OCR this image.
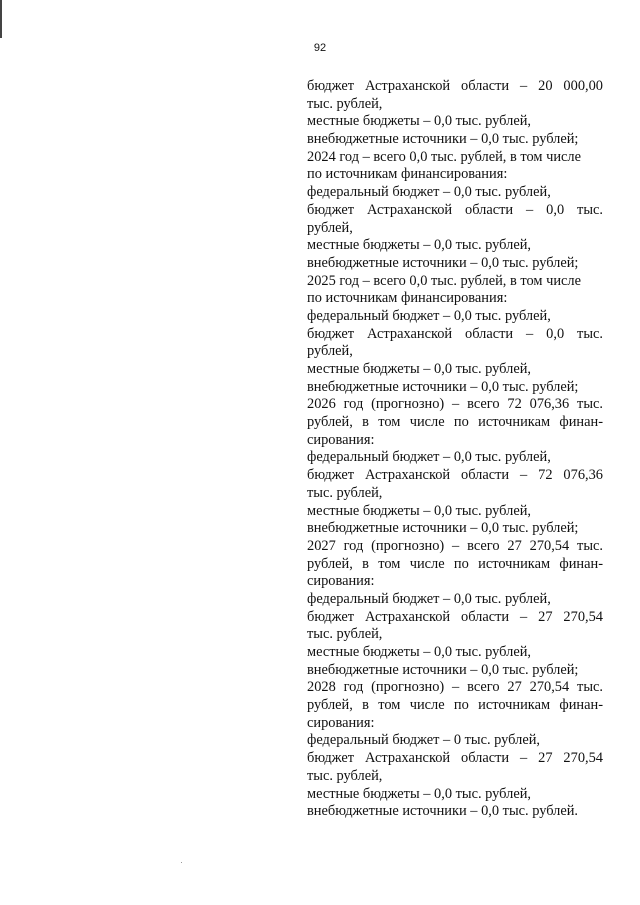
92
бюджет Астраханской области – 20 000,00
тыс. рублей,
местные бюджеты – 0,0 тыс. рублей,
внебюджетные источники – 0,0 тыс. рублей;
2024 год – всего 0,0 тыс. рублей, в том числе
по источникам финансирования:
федеральный бюджет – 0,0 тыс. рублей,
бюджет Астраханской области – 0,0 тыс.
рублей,
местные бюджеты – 0,0 тыс. рублей,
внебюджетные источники – 0,0 тыс. рублей;
2025 год – всего 0,0 тыс. рублей, в том числе
по источникам финансирования:
федеральный бюджет – 0,0 тыс. рублей,
бюджет Астраханской области – 0,0 тыс.
рублей,
местные бюджеты – 0,0 тыс. рублей,
внебюджетные источники – 0,0 тыс. рублей;
2026 год (прогнозно) – всего 72 076,36 тыс.
рублей, в том числе по источникам финан-
сирования:
федеральный бюджет – 0,0 тыс. рублей,
бюджет Астраханской области – 72 076,36
тыс. рублей,
местные бюджеты – 0,0 тыс. рублей,
внебюджетные источники – 0,0 тыс. рублей;
2027 год (прогнозно) – всего 27 270,54 тыс.
рублей, в том числе по источникам финан-
сирования:
федеральный бюджет – 0,0 тыс. рублей,
бюджет Астраханской области – 27 270,54
тыс. рублей,
местные бюджеты – 0,0 тыс. рублей,
внебюджетные источники – 0,0 тыс. рублей;
2028 год (прогнозно) – всего 27 270,54 тыс.
рублей, в том числе по источникам финан-
сирования:
федеральный бюджет – 0 тыс. рублей,
бюджет Астраханской области – 27 270,54
тыс. рублей,
местные бюджеты – 0,0 тыс. рублей,
внебюджетные источники – 0,0 тыс. рублей.
